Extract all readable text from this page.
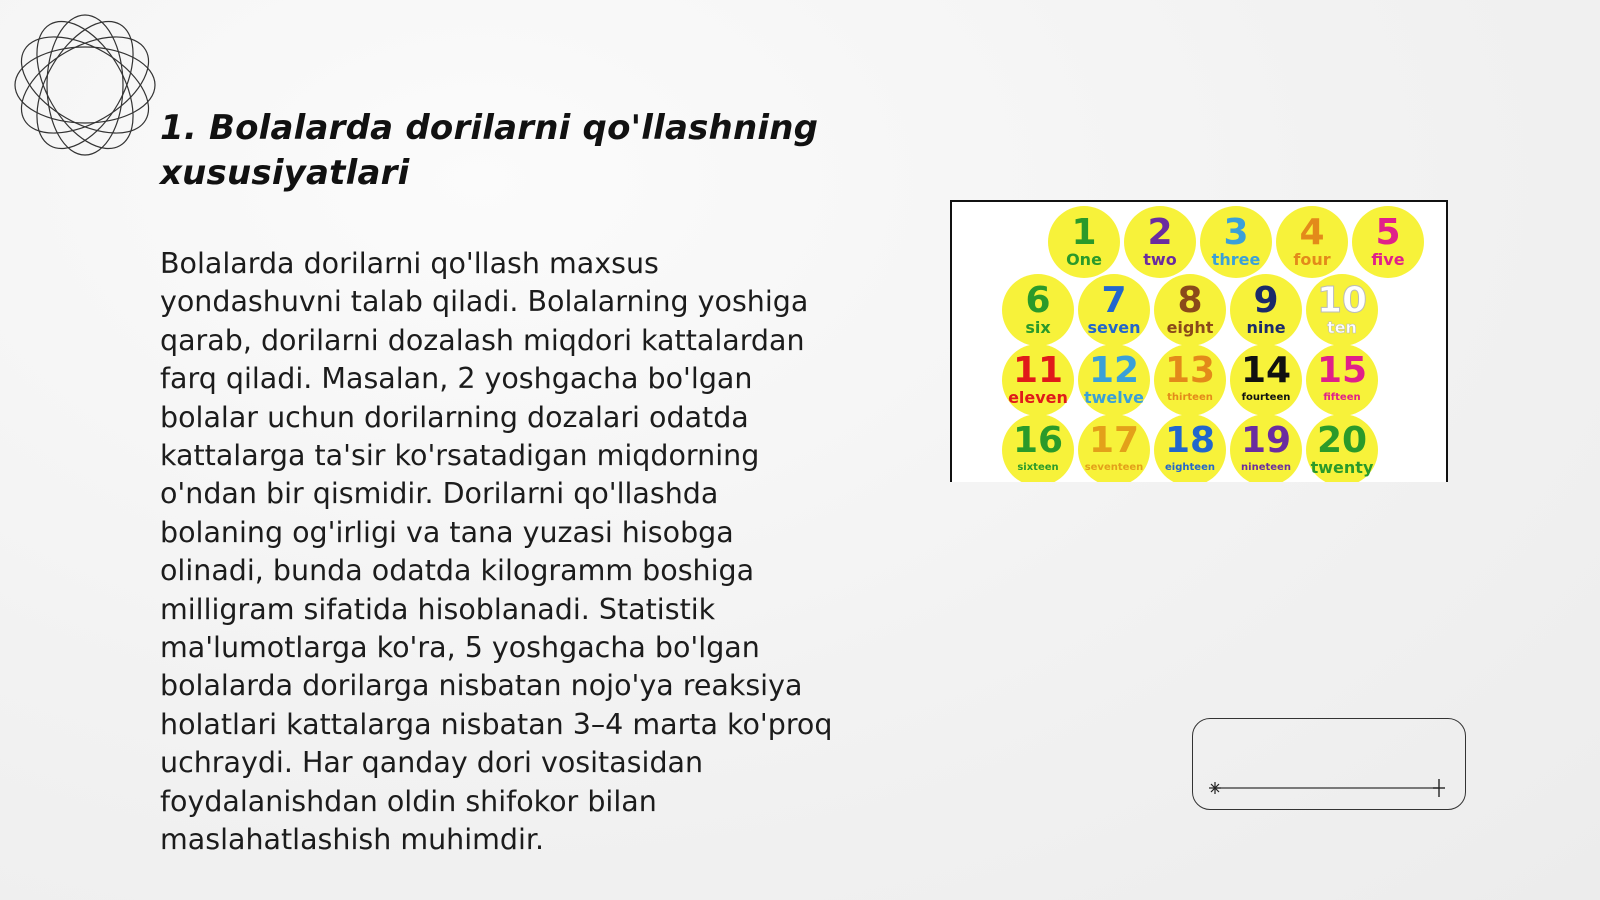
1. Bolalarda dorilarni qo'llashning xususiyatlari

Bolalarda dorilarni qo'llash maxsus yondashuvni talab qiladi. Bolalarning yoshiga qarab, dorilarni dozalash miqdori kattalardan farq qiladi. Masalan, 2 yoshgacha bo'lgan bolalar uchun dorilarning dozalari odatda kattalarga ta'sir ko'rsatadigan miqdorning o'ndan bir qismidir. Dorilarni qo'llashda bolaning og'irligi va tana yuzasi hisobga olinadi, bunda odatda kilogramm boshiga milligram sifatida hisoblanadi. Statistik ma'lumotlarga ko'ra, 5 yoshgacha bo'lgan bolalarda dorilarga nisbatan nojo'ya reaksiya holatlari kattalarga nisbatan 3–4 marta ko'proq uchraydi. Har qanday dori vositasidan foydalanishdan oldin shifokor bilan maslahatlashish muhimdir.

1
One
2
two
3
three
4
four
5
five
6
six
7
seven
8
eight
9
nine
10
ten
11
eleven
12
twelve
13
thirteen
14
fourteen
15
fifteen
16
sixteen
17
seventeen
18
eighteen
19
nineteen
20
twenty
